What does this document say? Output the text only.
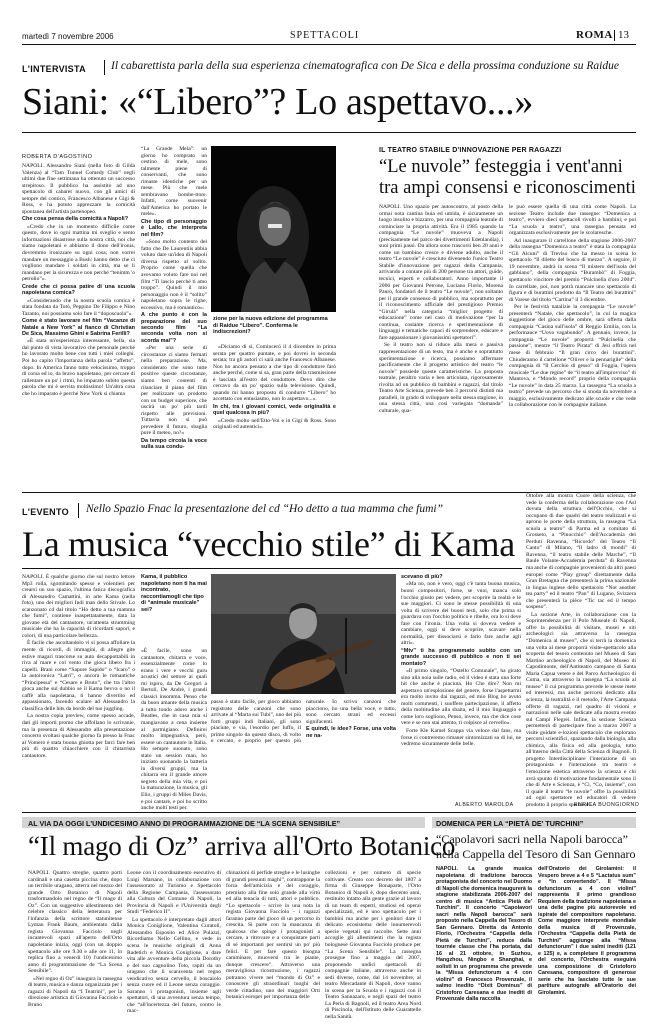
martedì 7 novembre 2006	SPETTACOLI	ROMA 13
L'INTERVISTA Il cabarettista parla della sua esperienza cinematografica con De Sica e della prossima conduzione su Raidue
Siani: «“Libero”? Lo aspettavo...»
ROBERTA D'AGOSTINO

NAPOLI. Alessandro Siani (nella foto di Gilda Valenza) al “Tam Tunnel Comedy Club” negli ultimi due fine settimana ha ottenuto un successo strepitoso. Il pubblico ha assistito ad uno spettacolo di cabaret nuovo, con gli amici di sempre del comico, Francesco Albanese e Gigi & Ross, e ha potuto apprezzare la comicità spontanea dell'artista partenopeo.

Che cosa pensa della comicità a Napoli?

«Credo che in un momento difficile come questo, dove io ogni mattina mi sveglio e sento informazioni disastrose sulla nostra città, noi che siamo napoletani e abbiamo il dono dell'ironia, dovremmo ironizzare su ogni cosa; non vorrei mandare un messaggio a Bush: hanno detto che ci vogliono mandare i soldati in città, ma se li mandano per la sicurezza e non perché “tenimm 'o petrolio”».

Crede che ci possa patire di una scuola napoletana comica?

«Considerando che la nostra scuola comica è stata fondata da Totò, Peppino De Filippo e Nino Taranto, noi possiamo solo fare il “doposcuola”».

Come è stato lavorare nel film “Vacanze di Natale a New York” al fianco di Christian De Sica, Massimo Ghini e Sabrina Ferilli?

«È stata un'esperienza interessante, bella, sia dal punto di vista lavorativo che personale perché ho lavorato molto bene con tutti i miei colleghi. Poi ho capito l'importanza della parola “affetto”, dopo. In America fanno tutto velocissimo, troppo di corsa ed io, da bravo napoletano, per cercare di rallentare un po' i ritmi, ho imparato subito questa parola che mi è servita moltissimo! Un'altra cosa che ho imparato è perché New York si chiama

“La Grande Mela”: un giorno ho comprato un cestino di mele, sono talmente piene di conservanti, che sono rimaste identiche per un mese. Più che mele sembravano bombe-ttore. Infatti, come suovenir dall'America ho portato le mele».

Che tipo di personaggio è Lallo, che interpreta nel film?

«Sono molto contento del fatto che De Laurentiis abbia voluto dare un'idea di Napoli diversa rispetto al solito. Proprio come quella che avevamo voluto fare noi nel film “Ti lascio perché ti amo troppo”. Quindi il mio personaggio non è il “solito” napoletano sopra le righe, eccessivo, ma è romantico».

A che punto è con la preparazione del suo secondo film “La seconda volta non si scorda mai”?

«Per una serie di circostanze ci siamo fermati nella preparazione. Ma, considerato che sono tutte positive queste circostanze, siamo ben contenti di rilanciare il piano del film per realizzare un prodotto con un budget superiore, che uscirà un po' più tardi rispetto alle previsioni. Tuttavia non si può prevedere il futuro, sbaglia pure il meteo, no?»

Da tempo circola la voce sulla sua condu-

zione per la nuova edizione del programma di Raidue “Libero”. Conferma le indiscrezioni?

«Diciamo di sì, Cominceró il 4 dicembre in prima serata per quattro puntate, e poi dovrei in seconda serata; tra gli autori ci sarà anche Francesco Albanese. Non ho ancora pensato a che tipo di conduttore farò anche perché, come si sa, gran parte della trasmissione è lasciata all'estro del conduttore. Devo dire che cercavo da un po' spazio sulla televisione. Quindi, quando mi hanno proposto di condurre “Libero” ho accettato con entusiasmo, non lo aspettavo...».

In chi, tra i giovani comici, vede originalità e quel qualcosa in più?

«Credo molto nell'Etto-Voi e in Gigi & Ross. Sono originali ed autentici».

IL TEATRO STABILE D'INNOVAZIONE PER RAGAZZI
“Le nuvole” festeggia i vent'anni
tra ampi consensi e riconoscimenti

NAPOLI. Uno spazio per autoscontro, al posto della ormai nota cantina buia ed umida, è sicuramente un luogo insolito e bizzarro, per una compagnia teatrale di cominciare la propria attività. Era il 1985 quando la compagnia “Le nuvole” muoveva a Napoli (precisamente nel parco dei divertimenti Edenlandia), i suoi primi passi. Da allora sono trascorsi ben 20 anni e come un bambino cresce e diviene adulto, anche il teatro “Le nuvole” è cresciuto divenendo l'unico Teatro Stabile d'innovazione per ragazzi della Campania, arrivando a contare più di 200 persone tra attori, guide, tecnici, esperti e collaboratori. Anno importante il 2006 per Giovanni Petrone, Luciano Florio, Morena Pauro, fondatori de il teatro “Le nuvole”, non soltanto per il grande consenso di pubblico, ma soprattutto per il riconoscimento ufficiale del prestigioso Premio “Girulà” nella categoria “miglior progetto di educazione” come nel caso di motivazione “per la continua, costante ricerca e sperimentazione di linguaggi e tematiche capaci di sorprendere, educare e fare appassionare i giovanissimi spettatori”.

Se il teatro non si riduce alla mera e passiva rappresentazione di un testo, ma è anche e soprattutto sperimentazione e ricerca, possiamo affermare pacificamente che il progetto artistico del teatro “le nuvole” possiede queste caratteristiche. La proposta teatrale, peraltro varia e ben articolata, rigorosamente rivolta ad un pubblico di bambini e ragazzi, dal titolo Teatro Arte Scienza, prevede ben 3 percorsi distinti ma paralleli, in grado di sviluppare nella stessa stagione, in una stessa città, una così variegata “domanda” culturale, qua-

le può essere quella di una città come Napoli. La sezione Teatro include due rassegne: “Domenica a teatro”, evviero dieci spettacoli rivolti a bambini; e poi “La scuola a teatro”, una rassegna pensata ed organizzata esclusivamente per le scolaresche.

Ad inaugurare il cartellone della stagione 2006-2007 della rassegna “Domenica a teatro” è stata la compagnia “Gli Alcuni” di Treviso che ha messo in scena lo spettacolo “Il diletto del bosco di mezzo”. A seguire, il 19 novembre, andrà in scena “Il mistero dell'isola del gabbiano”, della compagnia “Burambò” di Foggia, spettacolo vincitore del premio “Pulcinella d'oro 2004”. In carrellate, poi, non potrà mancare uno spettacolo di figura e di burattini prodotto da “Il Teatro dei burattini” di Varese dal titolo “Cartina” il 3 dicembre.

Per le festività natalizie la compagnia “Le nuvole” presenterà “Natale, che spettacolo”, in cui la magica suggestione del gioco delle ombre, sarà offerta dalla compagnia “Casina sull'isola” di Reggio Emilia, con la performance “Uovo vagabondo”. A gennaio, invece, la compagnia “Le nuvole” proporrà “Pulcinella che passione”, mentre “il Teatro Pirata” di Jesi offrirà nel mese di febbraio “Il gran circo dei burattini”. Chiuderanno il cartellone “Oliver e la pennarigile” della compagnia di “Il Cerchio di gesso” di Foggia, l'opera musicale “Le due regine” de “il teatro all'improvviso” di Mantova, e “Mondo record” proprio della compagnia “Le nuvole” in data 25 marzo. La rassegna “La scuola a teatro” prevede un percorso che si snoda da novembre a maggio, esclusivamente dedicato alle scuole e che vede la collaborazione con le compagnie italiane.

L'EVENTO Nello Spazio Fnac la presentazione del cd “Ho detto a tua mamma che fumi”
La musica “vecchio stile” di Kama

NAPOLI. È qualche giorno che sul nostro lettore Mp3 rolla, sgomitando spesso e volentieri per crearsi un suo spazio, l'ultima fatica discografica di Alessandro Camattini, in arte Kama (nella foto), uno dei migliori Indi man dello Stivale. Lo scanzonato cd dal titolo “Ho detto a tua mamma che fumi”, contiene inaspettatamente, data la giovane età del cantautore, un'attenta strumming musicale che ha la capacità di ricordarti sapori, e colori, di una particolare bellezza.

È facile che ascoltandolo vi si possa affollare la mente di ricordi, di immagini, di allegre gite estive magari trascorse su auto decappottabili in riva al mare e col vento che gioca libero fra i capelli. Brani come “Sapore Sapido” o “Icaro” o la autoironica “Latrì”, o ancora le romantiche “Principessa” e “Cesare e Bruto”, che tra l'altro gioca anche sul dubbio se il Kama bevva o no il caffè alla napoletana, ti hanno divertito ed appassionato, facendo scalare ad Alessandro la classifica delle hits da bordo del tuo juggling.

La nostra copia preview, come spesso accade, dati gli importi promo che affollano lo scrivanie, ma la presenza di Alessandro alla presentazione concerto svoltasi qualche giorno fa presso la Fnac al Vomero è stata buona ghiotta per farci fare ben più di quattro chiacchiere con il chitarrista cantautore.

Kama, il pubblico napoletano non ti ha mai incontrato, raccontiamogli che tipo di “animale musicale” sei?

«È facile, sono un cantautore, chitarra e voce, essenzialmente come lo erano i vere e vecchi guru acustici del settore ai quali mi ispiro, da De Gregori a Bertoli, De Andrè, i grandi classici insomma. Penso che da buon amante della musica a tutto tondo adoro anche i Beatles, che in casa mia si mangiavano a cena insieme al parmigiano. Definirei molto impegnativa, però, essere un cantautore in Italia. Ho sempre suonato, sono stato un session man, ho iniziato suonando la batteria in diversi gruppi, ma la chitarra era il grande amore segreto della mia vita, e poi la maturazione, la musica, gli Elio, i gruppi di Miles Davis, e poi cantare, e poi ho scritto anche molti testi per.

passo è stato facile, per gioco abbiamo registrato delle canzoni che sono arrivate al “Marta sui Tubi”, uno dei più forti gruppi indi Italiani, gli sono piaciute, e via, l'esordio per Iuffo, il primo singolo da questo disco, di volto e cercato, e proprio per questo più naturale. Io scrivo canzoni che piacciono, ho una bella voce, e tutto, sono cercato strani ed eccessi signifacenti.

E quindi, le idee? Forse, una volta ne na-

scevano di più?

«Ma no, non è vero, oggi c'è tanta buona musica, buoni compositori, forse, se vuoi, manca solo l'occhio giusto per vedere, per scoprire la realtà e le sue maggiori. Ci sono le stesse possibilità di una volta di scrivere dei buoni testi, solo che prima si guardava con l'occhio politico e ribelle, ora lo si deve fare con l'ironia. Una volta si doveva vedere e cambiare, oggi si deve scoprire, scavare nella normalità, per dissociarsi e farlo fare anche agli altri».

“Mtv” ti ha programmato subito con un grande successo di pubblico e non ti sei montato?

«Il primo singolo, “Ostello Comunale”, ha girato sino alla noia sulle radio, ed il video è stata una forte hit che anche è piaciuta. Ho Che dire? Non mi aspettavo un'esplosione del genere, forse l'aspettarmi era molto invito dai ragazzi, ed mio Blog ho avuto molti commenti, i suoffere partecipazione, il affetto della moltitudine alla sbaita, ed il mio linguaggio e come loro sogliono, Penso, invece, ma che dice cose vere e se non stai attento, ti colpisce al cervello».

Forte Kle Kamel Scappa via veloce dal fans, ma forse ci contreremo rimaner sintomizzati su di lui, ne vedremo sicuramente delle belle.

ALBERTO MAROLDA

Ottobre alla mostra Cuore della scienza, che vede la conferma della collaborazione con l'Asl dovuta della struttura dell'Occhio, che si occupano di due quadri del teatro realizzati e si aprono le porte della struttura, la rassegna “La scuola a teatro” di Parma ed a comitato di Grosseto, a “Pinocchio” dell'Accademia dei Perduti Ravenna, “Ricordo” del Teatro “Il Canto” di Milano, “Il ladro di mondi” di Ravenna, “il teatro stabile delle Marche”, “Il Baule Volante-Accademia perduta” di Ravenna ma anche di compagnie provenienti da altri paesi europei come “Play group” direttamente dalla Gran Bretagna che presenterà la prima nazionale in lingua inglese dello spettacolo “Not another tea party” ed il teatro “Pan” di Lugano, Svizzera che presenterà la pièce “Tic tac ed il tempo sospeso”.

La sezione Arte, in collaborazione con la Soprintendenza per il Polo Museale di Napoli, offre la possibilità di visitare, musei e siti archeologici sia attraverso la rassegna “Domenica al museo”, che si terrà la domenica una volta al mese proporrà visite-spettacolo alla scoperta del tesoro contenuto nel Museo di San Martino archeologico di Napoli, del Museo di Capodimonte, dell'Antiteatro campano di Santa Maria Capua vetere e del Parco Archeologico di Cuma, sia attraverso la rassegna “La scuola al museo” il cui programma prevede le stesse mete ed interessi, ma anche percorsi dedicato alla scienza, la teatralità e il metodo, l'Arte Campana offerte di ragazzi, nel quadro di visioni e narrazioni nelle sale dedicate alla mostra evento sul Campi Flegrei. Infine, la sezione Scienza permetterà di partecipare fino a marzo 2007 a visite guidate e-lozioni spettacolo che esplorano percorsi scientifici, spaziando dalla biologia, alla chimica, alla fisica ed alla geologia, tutto all'interno della Città della Scienza di Bagnoli. Il progetto Interdisciplinare l'interazione di un protagonista e l'interazione tra teatro e l'emozione estetica attraverso la scienza e chi avrà spunto di motivazione fondamentale sono il che di Arte e Scienza, è “Ci, “Co, insieme”, con il quale il teatro “le nuvole” offre la possibilità ad ogni spettatore ed educatori di vedere prodotto il proprio spettacolo.

ENRICA BUONGIORNO
AL VIA DA OGGI L'UNDICESIMO ANNO DI PROGRAMMAZIONE DE “LA SCENA SENSIBILE”
“Il mago di Oz” arriva all'Orto Botanico

NAPOLI. Quattro streghe, quattro porti cardinali e una casetta piccina che, dopo un terribile uragano, atterra nel mezzo del grande Orto Botanico di Napoli trasformandolo nel regno de “Il mago di Oz”. Con un suggestivo allestimento del celebre classico della letteratura per l'infanzia della scrittore statunitense Lyman Frank Baum, ambientato dalla regista Giovanna Facciolo negli incantevoli spazi all'aperto dell'Orto napoletano inizia, oggi (con un doppio spettacolo alle ore 9.30 e alle ore 11, in replica fino a venerdì 10) l'undicesimo anno di programmazione de “La Scena Sensibile”.

«Nel regno di Oz” inaugura la rassegna di teatro, musica e danza organizzata per i ragazzi di Napoli da “I Teatrini”, per la direzione artistica di Giovanna Facciolo e Bruno

Leone con il coordinamento esecutivo di Luigi Marsano, in collaborazione con l'assessorato al Turismo e Spettacolo della Regione Campania, l'assessorato alla Cultura del Comune di Napoli, la Provincia di Napoli e l'Università degli Studi “Federico II”.

Lo spettacolo è interpretato dagli attori Monica Coniglione, Valentina Curatoli, Alessandro Esposito ed Alice Pulazzi, Ricordiamo Nello Cellino, e vede in scena le musiche originali di Anna Radetich e Monica Coniglione, a dare vita alle avventure della piccola Dorothy e del suo cagnolino Toto, rapiti da un uragano che li scaraventa nel regno vendicativo senza cervello, il boscaiolo senza cuore ed il Leone senza coraggio. Saranno i protagonisti, insieme agli spettatori, di una avventura senza tempo, che “all'incertezza del futuro, contro le mac-

chinazioni di perfide streghe e le lusinghe di grandi presunti maghi”, contrappone la forza dell'amicizia e del coraggio, premiato alla fine solo grande alla virtù ed alla tenacia di tutti, attori e pubblico. “Lo spettacolo - scrive in una nota la regista Giovanna Facciolo - i ragazzi faranno parte del gioco di un percorso in crescita. Si parte con la mancanza di qualcosa che spinge i protagonisti a cercare, a ritrovare e a conquistare parti di sé importanti per sentirsi un po' più felici. E per fare questo bisogna camminare, muoversi tra le piante, dunque crescere”. Attraverso una meravigliosa ricostruzione, i ragazzi potranno vivere nel “mondo di Oz” e conoscere gli straordinari luoghi del verde cittadino, uno dei maggiori Orti botanici europei per importanza delle

collezioni e per numero di specie coltivate. Creato con decreto del 1807 a firma di Giuseppe Bonaparte, l'Orto Botanico di Napoli è, dopo diecento anni, restituito intatto alla gente grazie al lavoro di un team di esperti, studiosi ed operai specializzati, ed è uno spettacolo per i bambini ma anche per i genitori dare il delicato ecosistema delle innumerevoli specie vegetali qui raccolte. Sette anni accoglie gli allestimenti che la regista bolognese Giovanna Facciolo produce per “La Scena Sensibile”. La rassegna prosegue fino a maggio del 2007, proponendo undici spettacoli di compagnie italiane, attraverso anche in sedi diverse, come, dal 14 novembre, al teatro Mercadante di Napoli, dove vanno in scena per la Scuola e i ragazzi con il Teatro Sannazaro, e negli spazi del teatro La Perla di Bagnoli, ed il teatro Area Nord di Piscinola, dell'Istituto delle Guarattelle nella Sanità.

DOMENICA PER LA “PIETÀ DE' TURCHINI”
“Capolavori sacri nella Napoli barocca”
nella Cappella del Tesoro di San Gennaro

NAPOLI. La grande musica napoletana di tradizione barocca protagonista del concerto nel Duomo di Napoli che domenica inaugurerà la stagione stabilizzata 2006-2007 del centro di musica “Antica Pietà de' Turchini”. Il concerto “Capolavori sacri nella Napoli barocca” sarà proposto nella Cappella del Tesoro di San Gennaro. Diretta da Antonio Florio, l'Orchestra “Cappella della Pietà de Turchini”, reduce dalla tournée classe che l'ha portata, dal 16 al 21 ottobre, in Suzhou, Hangzhou, Ningbo e Shanghai, e solisti in un programma che prevede la “Missa defunctorum a 4 con violini” di Francesco Provenzale, il salmo inedito “Dixit Dominus” di Cristoforo Caresana e due inediti di Provenzale dalla raccolta

dell'Oratorio dei Girolamini: il Vespero breve a 4 e 5 “Lactatus sum” e “In convertendo”. Il “Missa defunctorum a 4 con violini” rappresenta il primo grandioso Requiem della tradizione napoletana e una delle pagine più autorevole ed ispirate del compositore napoletano. Come maggiore interprete mondiale della musica di Provenzale, l'Orchestra “Cappella della Pietà de Turchini” aggiunge alla “Missa defunctorum” i due salmi inediti (121 e 125) e, a completare il programma del concerto, l'Orchestra eseguirà una composizione di Cristoforo Caresana, compositore di generose serie che ha lasciato tutte le sue partiture autografe all'Oratorio dei Girolamini.
